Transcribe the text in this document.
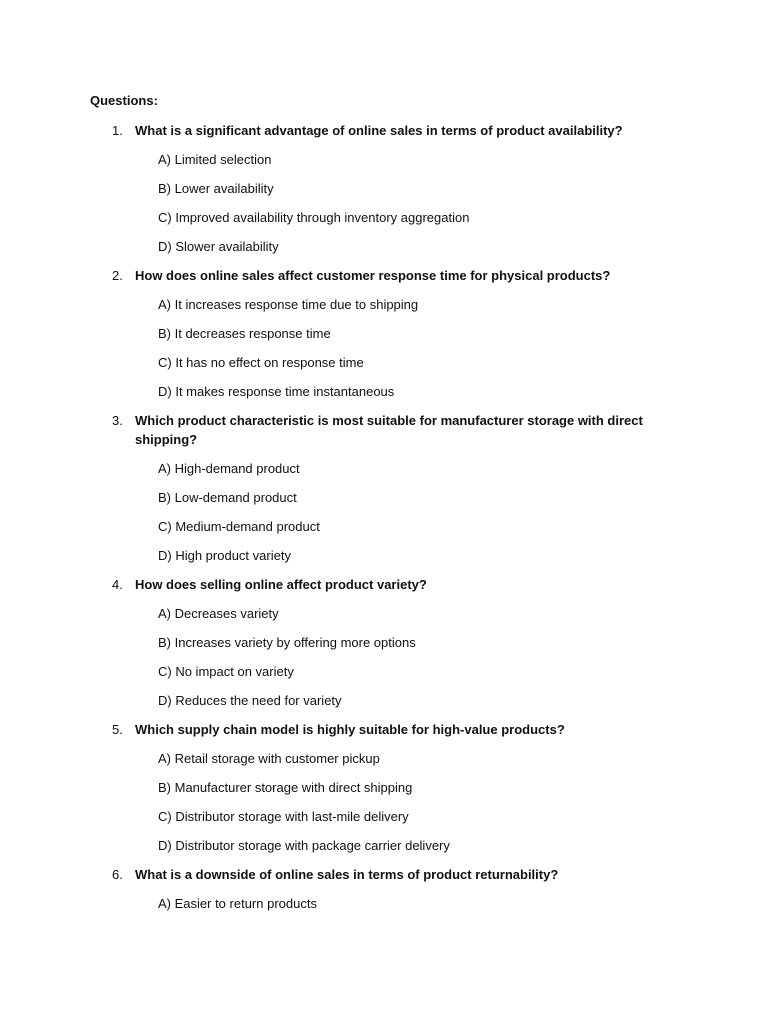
Questions:
1. What is a significant advantage of online sales in terms of product availability?
A) Limited selection
B) Lower availability
C) Improved availability through inventory aggregation
D) Slower availability
2. How does online sales affect customer response time for physical products?
A) It increases response time due to shipping
B) It decreases response time
C) It has no effect on response time
D) It makes response time instantaneous
3. Which product characteristic is most suitable for manufacturer storage with direct shipping?
A) High-demand product
B) Low-demand product
C) Medium-demand product
D) High product variety
4. How does selling online affect product variety?
A) Decreases variety
B) Increases variety by offering more options
C) No impact on variety
D) Reduces the need for variety
5. Which supply chain model is highly suitable for high-value products?
A) Retail storage with customer pickup
B) Manufacturer storage with direct shipping
C) Distributor storage with last-mile delivery
D) Distributor storage with package carrier delivery
6. What is a downside of online sales in terms of product returnability?
A) Easier to return products
